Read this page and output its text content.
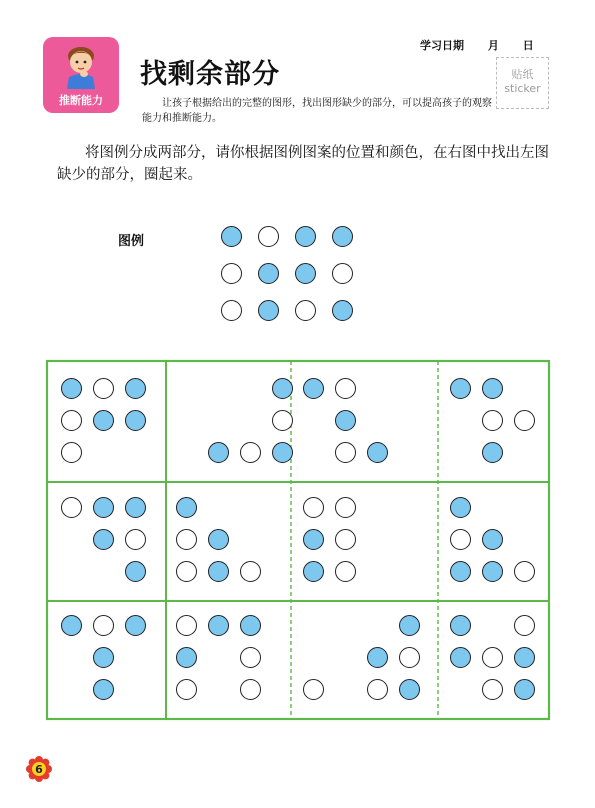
推断能力
找剩余部分
让孩子根据给出的完整的图形，找出图形缺少的部分，可以提高孩子的观察能力和推断能力。
学习日期 月 日
贴纸
sticker
将图例分成两部分，请你根据图例图案的位置和颜色，在右图中找出左图缺少的部分，圈起来。
图例
6
